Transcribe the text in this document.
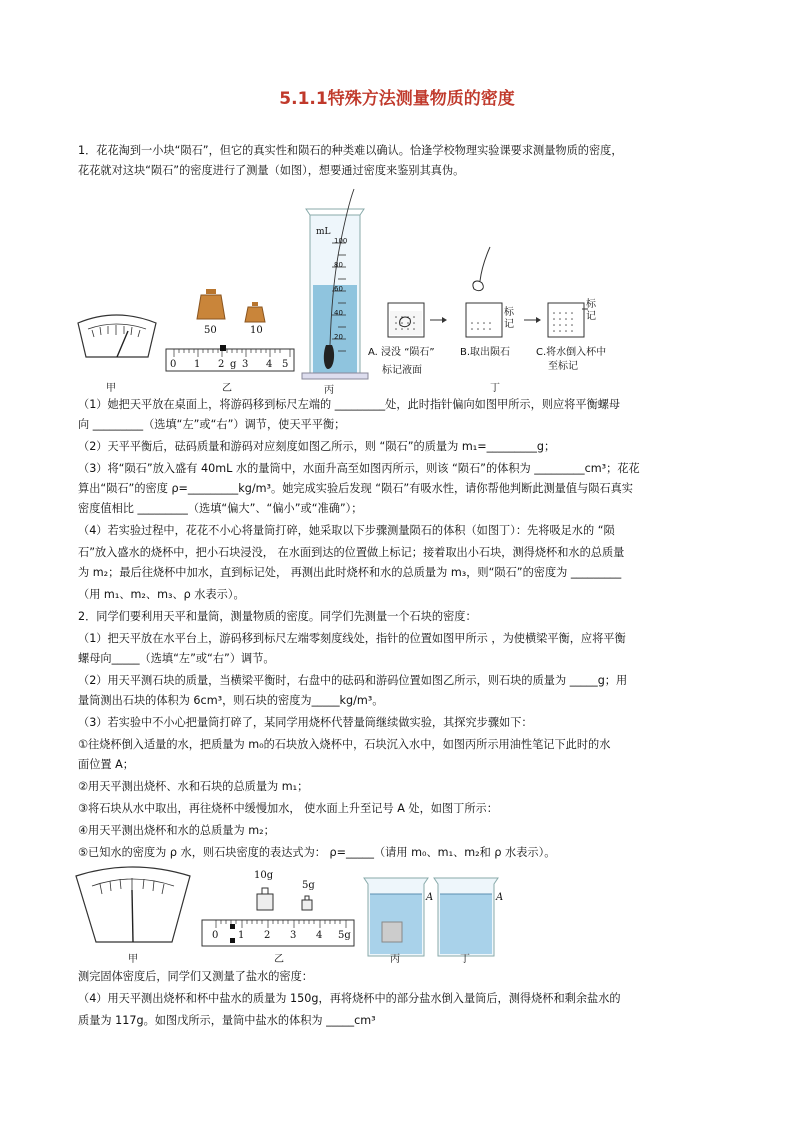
5.1.1特殊方法测量物质的密度
1．花花淘到一小块“陨石”，但它的真实性和陨石的种类难以确认。恰逢学校物理实验课要求测量物质的密度，
花花就对这块“陨石”的密度进行了测量（如图），想要通过密度来鉴别其真伪。
50	10
0 1 2 g 3 4 5
mL
100
80
60
40
20
A. 浸没 “陨石”
标记液面
B.取出陨石	C.将水倒入杯中
至标记
标
记
标
记
甲	乙	丙	丁
（1）她把天平放在桌面上，将游码移到标尺左端的 _________处，此时指针偏向如图甲所示，则应将平衡螺母
向 _________（选填“左”或“右”）调节，使天平平衡；
（2）天平平衡后，砝码质量和游码对应刻度如图乙所示，则 “陨石”的质量为 m₁=_________g；
（3）将“陨石”放入盛有 40mL 水的量筒中，水面升高至如图丙所示，则该 “陨石”的体积为 _________cm³；花花
算出“陨石”的密度 ρ=_________kg/m³。她完成实验后发现 “陨石”有吸水性，请你帮他判断此测量值与陨石真实
密度值相比 _________（选填“偏大”、“偏小”或“准确”）；
（4）若实验过程中，花花不小心将量筒打碎，她采取以下步骤测量陨石的体积（如图丁）：先将吸足水的 “陨
石”放入盛水的烧杯中，把小石块浸没， 在水面到达的位置做上标记；接着取出小石块，测得烧杯和水的总质量
为 m₂；最后往烧杯中加水，直到标记处， 再测出此时烧杯和水的总质量为 m₃，则“陨石”的密度为 _________
（用 m₁、m₂、m₃、ρ 水表示）。
2．同学们要利用天平和量筒，测量物质的密度。同学们先测量一个石块的密度：
（1）把天平放在水平台上，游码移到标尺左端零刻度线处，指针的位置如图甲所示 ，为使横梁平衡，应将平衡
螺母向_____（选填“左”或“右”）调节。
（2）用天平测石块的质量，当横梁平衡时，右盘中的砝码和游码位置如图乙所示，则石块的质量为 _____g；用
量筒测出石块的体积为 6cm³，则石块的密度为_____kg/m³。
（3）若实验中不小心把量筒打碎了，某同学用烧杯代替量筒继续做实验，其探究步骤如下：
①往烧杯倒入适量的水，把质量为 m₀的石块放入烧杯中，石块沉入水中，如图丙所示用油性笔记下此时的水
面位置 A；
②用天平测出烧杯、水和石块的总质量为 m₁；
③将石块从水中取出，再往烧杯中缓慢加水， 使水面上升至记号 A 处，如图丁所示：
④用天平测出烧杯和水的总质量为 m₂；
⑤已知水的密度为 ρ 水，则石块密度的表达式为： ρ=_____（请用 m₀、m₁、m₂和 ρ 水表示）。
10g
5g
0 1 2 3 4 5g
A	A
甲	乙	丙	丁
测完固体密度后，同学们又测量了盐水的密度：
（4）用天平测出烧杯和杯中盐水的质量为 150g，再将烧杯中的部分盐水倒入量筒后，测得烧杯和剩余盐水的
质量为 117g。如图戊所示，量筒中盐水的体积为 _____cm³
